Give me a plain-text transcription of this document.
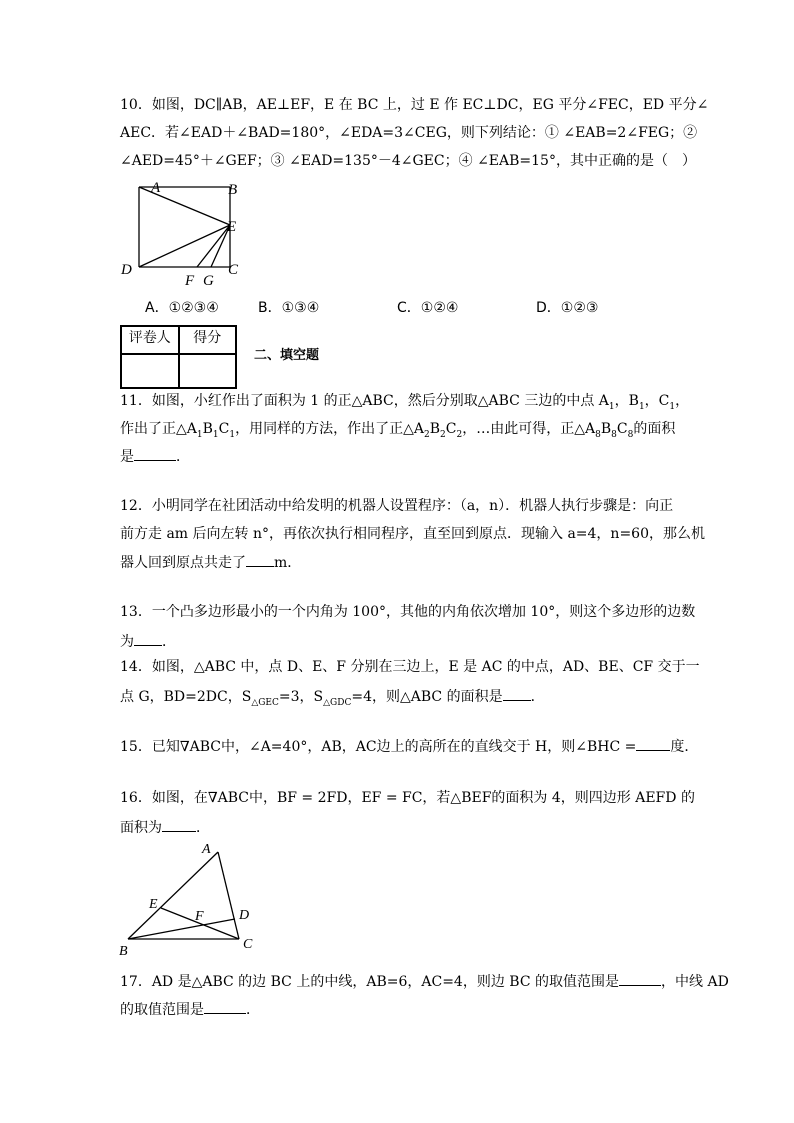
10．如图，DC∥AB，AE⊥EF，E 在 BC 上，过 E 作 EC⊥DC，EG 平分∠FEC，ED 平分∠
AEC．若∠EAD＋∠BAD=180°，∠EDA=3∠CEG，则下列结论：① ∠EAB=2∠FEG；②
∠AED=45°＋∠GEF；③ ∠EAD=135°－4∠GEC；④ ∠EAB=15°，其中正确的是（　）
A	B
E
D
F G
C
A．①②③④	B．①③④	C．①②④	D．①②③
评卷人	得分

二、填空题
11．如图，小红作出了面积为 1 的正△ABC，然后分别取△ABC 三边的中点 $A_1$，$B_1$，$C_1$，
作出了正$\triangle A_1B_1C_1$，用同样的方法，作出了正$\triangle A_2B_2C_2$，…由此可得，正$\triangle A_8B_8C_8$的面积
是	．
12．小明同学在社团活动中给发明的机器人设置程序：（a，n）．机器人执行步骤是：向正
前方走 am 后向左转 n°，再依次执行相同程序，直至回到原点．现输入 a=4，n=60，那么机
器人回到原点共走了 m．
13．一个凸多边形最小的一个内角为 100°，其他的内角依次增加 10°，则这个多边形的边数
为 ．
14．如图，△ABC 中，点 D、E、F 分别在三边上，E 是 AC 的中点，AD、BE、CF 交于一
点 G，BD=2DC，$S_{\triangle GEC}=3$，$S_{\triangle GDC}=4$，则△ABC 的面积是 ．
15．已知∇ABC中，∠A=40°，AB，AC边上的高所在的直线交于 H，则∠BHC = 度．
16．如图，在∇ABC中，BF = 2FD，EF = FC，若△BEF的面积为 4，则四边形 AEFD 的
面积为 ．
A
E
F	D
B	C
17．AD 是△ABC 的边 BC 上的中线，AB=6，AC=4，则边 BC 的取值范围是	，中线 AD
的取值范围是	．
